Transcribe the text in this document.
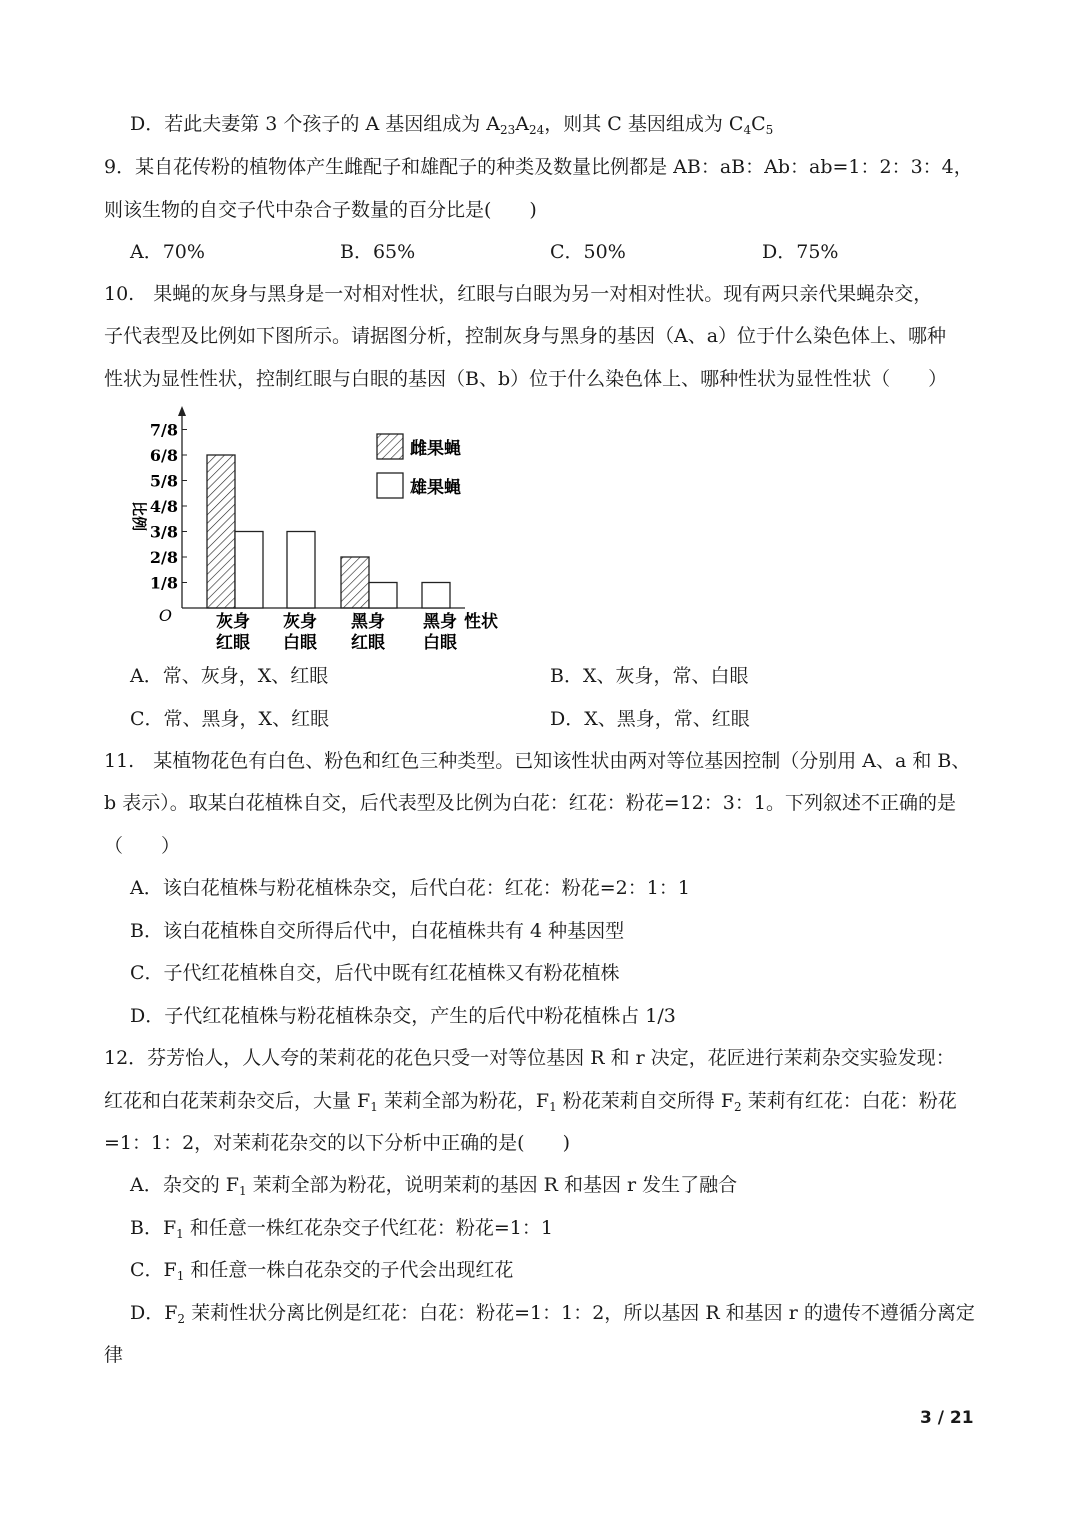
D．若此夫妻第 3 个孩子的 A 基因组成为 $A_{23}A_{24}$，则其 C 基因组成为 $C_4C_5$
9．某自花传粉的植物体产生雌配子和雄配子的种类及数量比例都是 AB：aB：Ab：ab=1：2：3：4，
则该生物的自交子代中杂合子数量的百分比是(　　)
A．70%	B．65%	C．50%	D．75%
10.　果蝇的灰身与黑身是一对相对性状，红眼与白眼为另一对相对性状。现有两只亲代果蝇杂交，
子代表型及比例如下图所示。请据图分析，控制灰身与黑身的基因（A、a）位于什么染色体上、哪种
性状为显性性状，控制红眼与白眼的基因（B、b）位于什么染色体上、哪种性状为显性性状（　　）
1/8
2/8
3/8
4/8
5/8
6/8
7/8
O
比例
灰身
红眼
灰身
白眼
黑身
红眼
黑身
白眼
性状
雌果蝇
雄果蝇
A．常、灰身，X、红眼	B．X、灰身，常、白眼
C．常、黑身，X、红眼	D．X、黑身，常、红眼
11.　某植物花色有白色、粉色和红色三种类型。已知该性状由两对等位基因控制（分别用 A、a 和 B、
b 表示）。取某白花植株自交，后代表型及比例为白花：红花：粉花=12：3：1。下列叙述不正确的是
（　　）
A．该白花植株与粉花植株杂交，后代白花：红花：粉花=2：1：1
B．该白花植株自交所得后代中，白花植株共有 4 种基因型
C．子代红花植株自交，后代中既有红花植株又有粉花植株
D．子代红花植株与粉花植株杂交，产生的后代中粉花植株占 1/3
12．芬芳怡人，人人夸的茉莉花的花色只受一对等位基因 R 和 r 决定，花匠进行茉莉杂交实验发现：
红花和白花茉莉杂交后，大量 $F_1$ 茉莉全部为粉花，$F_1$ 粉花茉莉自交所得 $F_2$ 茉莉有红花：白花：粉花
=1：1：2，对茉莉花杂交的以下分析中正确的是(　　)
A．杂交的 $F_1$ 茉莉全部为粉花，说明茉莉的基因 R 和基因 r 发生了融合
B．$F_1$ 和任意一株红花杂交子代红花：粉花=1：1
C．$F_1$ 和任意一株白花杂交的子代会出现红花
D．$F_2$ 茉莉性状分离比例是红花：白花：粉花=1：1：2，所以基因 R 和基因 r 的遗传不遵循分离定
律
3 / 21
